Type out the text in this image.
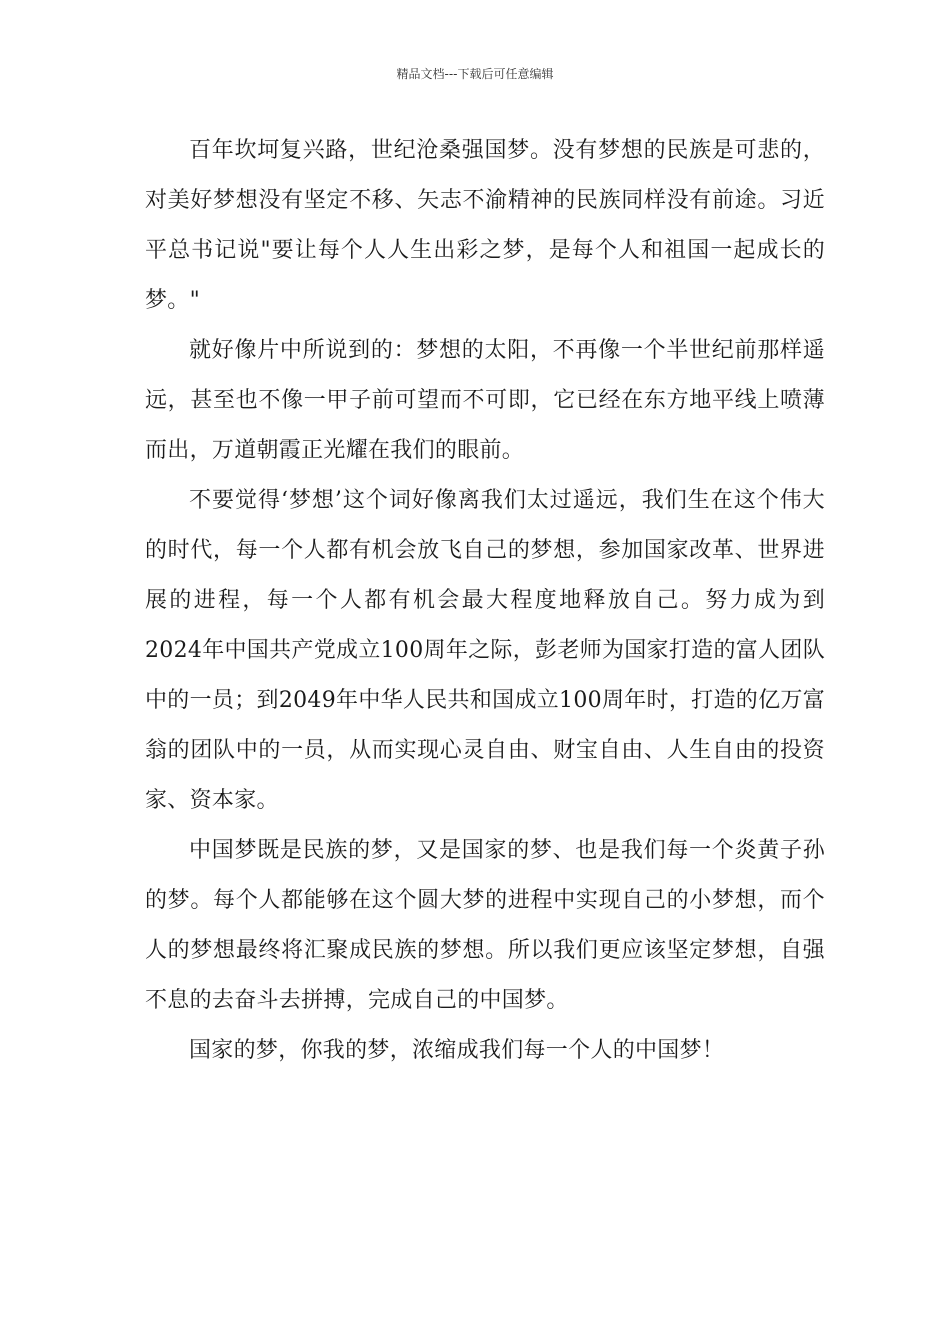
精品文档---下载后可任意编辑

百年坎坷复兴路，世纪沧桑强国梦。没有梦想的民族是可悲的，对美好梦想没有坚定不移、矢志不渝精神的民族同样没有前途。习近平总书记说"要让每个人人生出彩之梦，是每个人和祖国一起成长的梦。"

就好像片中所说到的：梦想的太阳，不再像一个半世纪前那样遥远，甚至也不像一甲子前可望而不可即，它已经在东方地平线上喷薄而出，万道朝霞正光耀在我们的眼前。

不要觉得‘梦想’这个词好像离我们太过遥远，我们生在这个伟大的时代，每一个人都有机会放飞自己的梦想，参加国家改革、世界进展的进程，每一个人都有机会最大程度地释放自己。努力成为到2024年中国共产党成立100周年之际，彭老师为国家打造的富人团队中的一员；到2049年中华人民共和国成立100周年时，打造的亿万富翁的团队中的一员，从而实现心灵自由、财宝自由、人生自由的投资家、资本家。

中国梦既是民族的梦，又是国家的梦、也是我们每一个炎黄子孙的梦。每个人都能够在这个圆大梦的进程中实现自己的小梦想，而个人的梦想最终将汇聚成民族的梦想。所以我们更应该坚定梦想，自强不息的去奋斗去拼搏，完成自己的中国梦。

国家的梦，你我的梦，浓缩成我们每一个人的中国梦！
